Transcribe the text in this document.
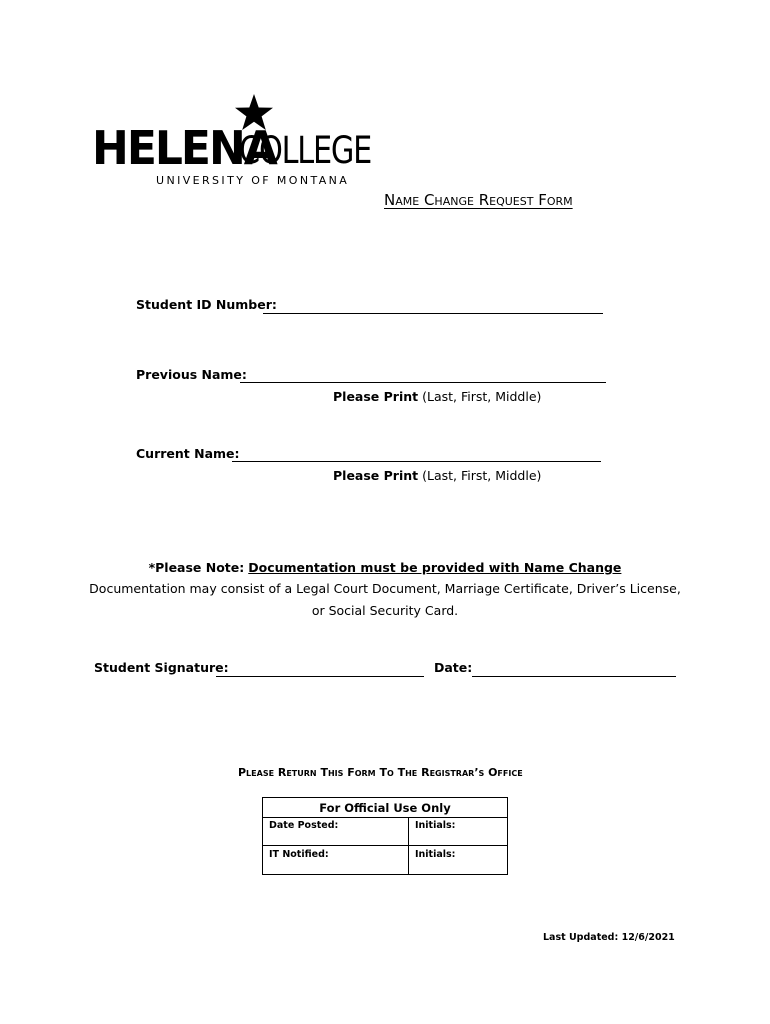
HELENA
COLLEGE
UNIVERSITY OF MONTANA
Name Change Request Form
Student ID Number:
Previous Name:
Please Print (Last, First, Middle)
Current Name:
Please Print (Last, First, Middle)
*Please Note: Documentation must be provided with Name Change
Documentation may consist of a Legal Court Document, Marriage Certificate, Driver’s License,
or Social Security Card.
Student Signature:	Date:
Please Return This Form To The Registrar’s Office
For Official Use Only
Date Posted:	Initials:
IT Notified:	Initials:
Last Updated: 12/6/2021
